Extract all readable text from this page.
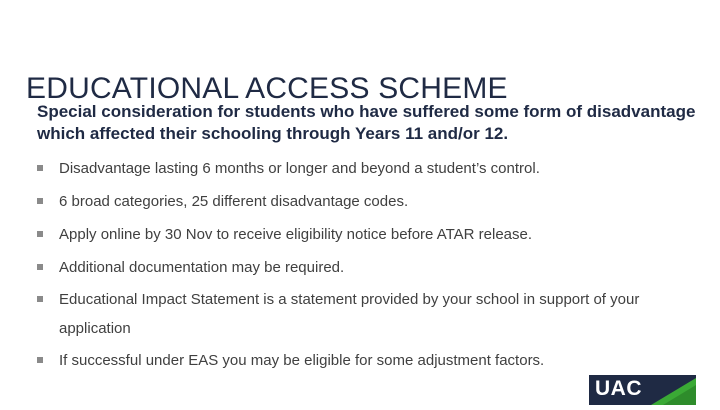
EDUCATIONAL ACCESS SCHEME
Special consideration for students who have suffered some form of disadvantage which affected their schooling through Years 11 and/or 12.
Disadvantage lasting 6 months or longer and beyond a student’s control.
6 broad categories, 25 different disadvantage codes.
Apply online by 30 Nov to receive eligibility notice before ATAR release.
Additional documentation may be required.
Educational Impact Statement is a statement provided by your school in support of your application
If successful under EAS you may be eligible for some adjustment factors.
UAC
